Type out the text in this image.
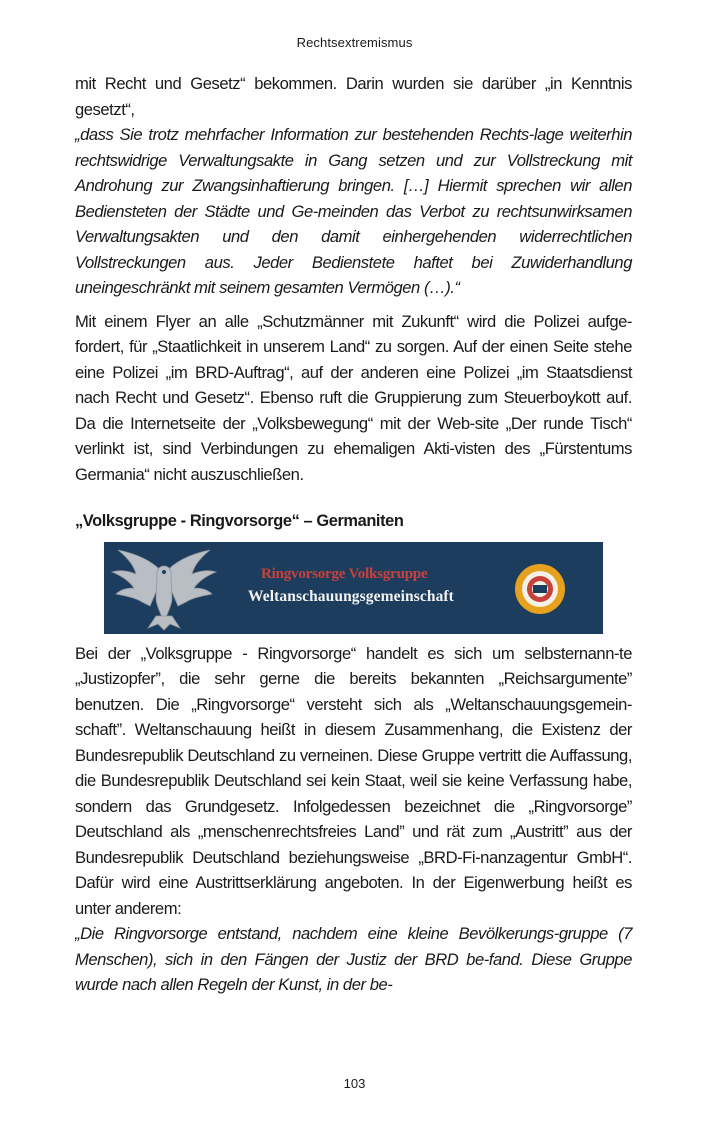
Rechtsextremismus

mit Recht und Gesetz“ bekommen. Darin wurden sie darüber „in Kenntnis gesetzt“,

„dass Sie trotz mehrfacher Information zur bestehenden Rechts-lage weiterhin rechtswidrige Verwaltungsakte in Gang setzen und zur Vollstreckung mit Androhung zur Zwangsinhaftierung bringen. […] Hiermit sprechen wir allen Bediensteten der Städte und Ge-meinden das Verbot zu rechtsunwirksamen Verwaltungsakten und den damit einhergehenden widerrechtlichen Vollstreckungen aus. Jeder Bedienstete haftet bei Zuwiderhandlung uneingeschränkt mit seinem gesamten Vermögen (…).“

Mit einem Flyer an alle „Schutzmänner mit Zukunft“ wird die Polizei aufge-fordert, für „Staatlichkeit in unserem Land“ zu sorgen. Auf der einen Seite stehe eine Polizei „im BRD-Auftrag“, auf der anderen eine Polizei „im Staatsdienst nach Recht und Gesetz“. Ebenso ruft die Gruppierung zum Steuerboykott auf. Da die Internetseite der „Volksbewegung“ mit der Web-site „Der runde Tisch“ verlinkt ist, sind Verbindungen zu ehemaligen Akti-visten des „Fürstentums Germania“ nicht auszuschließen.

„Volksgruppe - Ringvorsorge“ – Germaniten
Ringvorsorge Volksgruppe
Weltanschauungsgemeinschaft

Bei der „Volksgruppe - Ringvorsorge“ handelt es sich um selbsternann-te „Justizopfer”, die sehr gerne die bereits bekannten „Reichsargumente” benutzen. Die „Ringvorsorge“ versteht sich als „Weltanschauungsgemein-schaft”. Weltanschauung heißt in diesem Zusammenhang, die Existenz der Bundesrepublik Deutschland zu verneinen. Diese Gruppe vertritt die Auffassung, die Bundesrepublik Deutschland sei kein Staat, weil sie keine Verfassung habe, sondern das Grundgesetz. Infolgedessen bezeichnet die „Ringvorsorge” Deutschland als „menschenrechtsfreies Land” und rät zum „Austritt” aus der Bundesrepublik Deutschland beziehungsweise „BRD-Fi-nanzagentur GmbH“. Dafür wird eine Austrittserklärung angeboten. In der Eigenwerbung heißt es unter anderem:

„Die Ringvorsorge entstand, nachdem eine kleine Bevölkerungs-gruppe (7 Menschen), sich in den Fängen der Justiz der BRD be-fand. Diese Gruppe wurde nach allen Regeln der Kunst, in der be-

103
